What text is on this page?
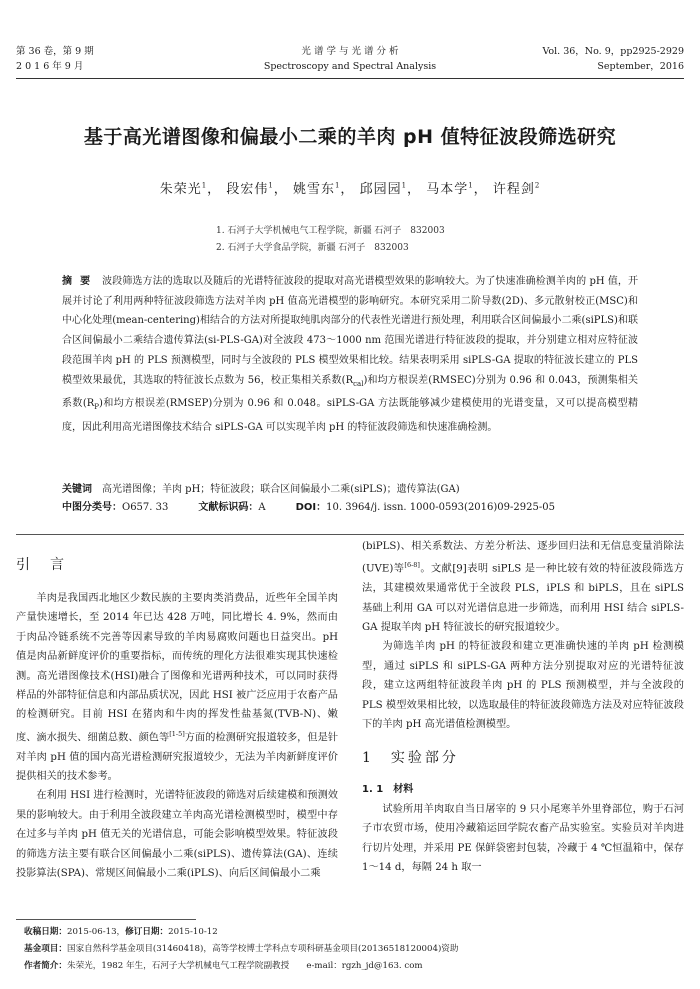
第 36 卷，第 9 期
2 0 1 6 年 9 月
光 谱 学 与 光 谱 分 析
Spectroscopy and Spectral Analysis
Vol. 36，No. 9，pp2925-2929
September，2016
基于高光谱图像和偏最小二乘的羊肉 pH 值特征波段筛选研究
朱荣光$^1$， 段宏伟$^1$， 姚雪东$^1$， 邱园园$^1$， 马本学$^1$， 许程剑$^2$
1. 石河子大学机械电气工程学院，新疆 石河子　832003
2. 石河子大学食品学院，新疆 石河子　832003
摘要 波段筛选方法的选取以及随后的光谱特征波段的提取对高光谱模型效果的影响较大。为了快速准确检测羊肉的 pH 值，开展并讨论了利用两种特征波段筛选方法对羊肉 pH 值高光谱模型的影响研究。本研究采用二阶导数(2D)、多元散射校正(MSC)和中心化处理(mean-centering)相结合的方法对所提取纯肌肉部分的代表性光谱进行预处理，利用联合区间偏最小二乘(siPLS)和联合区间偏最小二乘结合遗传算法(si-PLS-GA)对全波段 473～1000 nm 范围光谱进行特征波段的提取，并分别建立相对应特征波段范围羊肉 pH 的 PLS 预测模型，同时与全波段的 PLS 模型效果相比较。结果表明采用 siPLS-GA 提取的特征波长建立的 PLS 模型效果最优，其选取的特征波长点数为 56，校正集相关系数$(R_{cal})$和均方根误差(RMSEC)分别为 0.96 和 0.043，预测集相关系数$(R_P)$和均方根误差(RMSEP)分别为 0.96 和 0.048。siPLS-GA 方法既能够减少建模使用的光谱变量，又可以提高模型精度，因此利用高光谱图像技术结合 siPLS-GA 可以实现羊肉 pH 的特征波段筛选和快速准确检测。
关键词　 高光谱图像；羊肉 pH；特征波段；联合区间偏最小二乘(siPLS)；遗传算法(GA)
中图分类号：O657. 33	文献标识码：A	DOI：10. 3964/j. issn. 1000-0593(2016)09-2925-05
引　言

羊肉是我国西北地区少数民族的主要肉类消费品，近些年全国羊肉产量快速增长，至 2014 年已达 428 万吨，同比增长 4. 9%，然而由于肉品冷链系统不完善等因素导致的羊肉易腐败问题也日益突出。pH 值是肉品新鲜度评价的重要指标，而传统的理化方法很难实现其快速检测。高光谱图像技术(HSI)融合了图像和光谱两种技术，可以同时获得样品的外部特征信息和内部品质状况，因此 HSI 被广泛应用于农畜产品的检测研究。目前 HSI 在猪肉和牛肉的挥发性盐基氮(TVB-N)、嫩度、滴水损失、细菌总数、颜色等[1-5]方面的检测研究报道较多，但是针对羊肉 pH 值的国内高光谱检测研究报道较少，无法为羊肉新鲜度评价提供相关的技术参考。

在利用 HSI 进行检测时，光谱特征波段的筛选对后续建模和预测效果的影响较大。由于利用全波段建立羊肉高光谱检测模型时，模型中存在过多与羊肉 pH 值无关的光谱信息，可能会影响模型效果。特征波段的筛选方法主要有联合区间偏最小二乘(siPLS)、遗传算法(GA)、连续投影算法(SPA)、常规区间偏最小二乘(iPLS)、向后区间偏最小二乘

(biPLS)、相关系数法、方差分析法、逐步回归法和无信息变量消除法(UVE)等[6-8]。文献[9]表明 siPLS 是一种比较有效的特征波段筛选方法，其建模效果通常优于全波段 PLS，iPLS 和 biPLS，且在 siPLS 基础上利用 GA 可以对光谱信息进一步筛选，而利用 HSI 结合 siPLS-GA 提取羊肉 pH 特征波长的研究报道较少。

为筛选羊肉 pH 的特征波段和建立更准确快速的羊肉 pH 检测模型，通过 siPLS 和 siPLS-GA 两种方法分别提取对应的光谱特征波段，建立这两组特征波段羊肉 pH 的 PLS 预测模型，并与全波段的 PLS 模型效果相比较，以选取最佳的特征波段筛选方法及对应特征波段下的羊肉 pH 高光谱值检测模型。

1　实验部分
1. 1　材料

试验所用羊肉取自当日屠宰的 9 只小尾寒羊外里脊部位，购于石河子市农贸市场，使用冷藏箱运回学院农畜产品实验室。实验员对羊肉进行切片处理，并采用 PE 保鲜袋密封包装，冷藏于 4 ℃恒温箱中，保存 1～14 d，每隔 24 h 取一

收稿日期：2015-06-13，修订日期：2015-10-12
基金项目：国家自然科学基金项目(31460418)，高等学校博士学科点专项科研基金项目(20136518120004)资助
作者简介：朱荣光，1982 年生，石河子大学机械电气工程学院副教授　　e-mail：rgzh_jd@163. com
